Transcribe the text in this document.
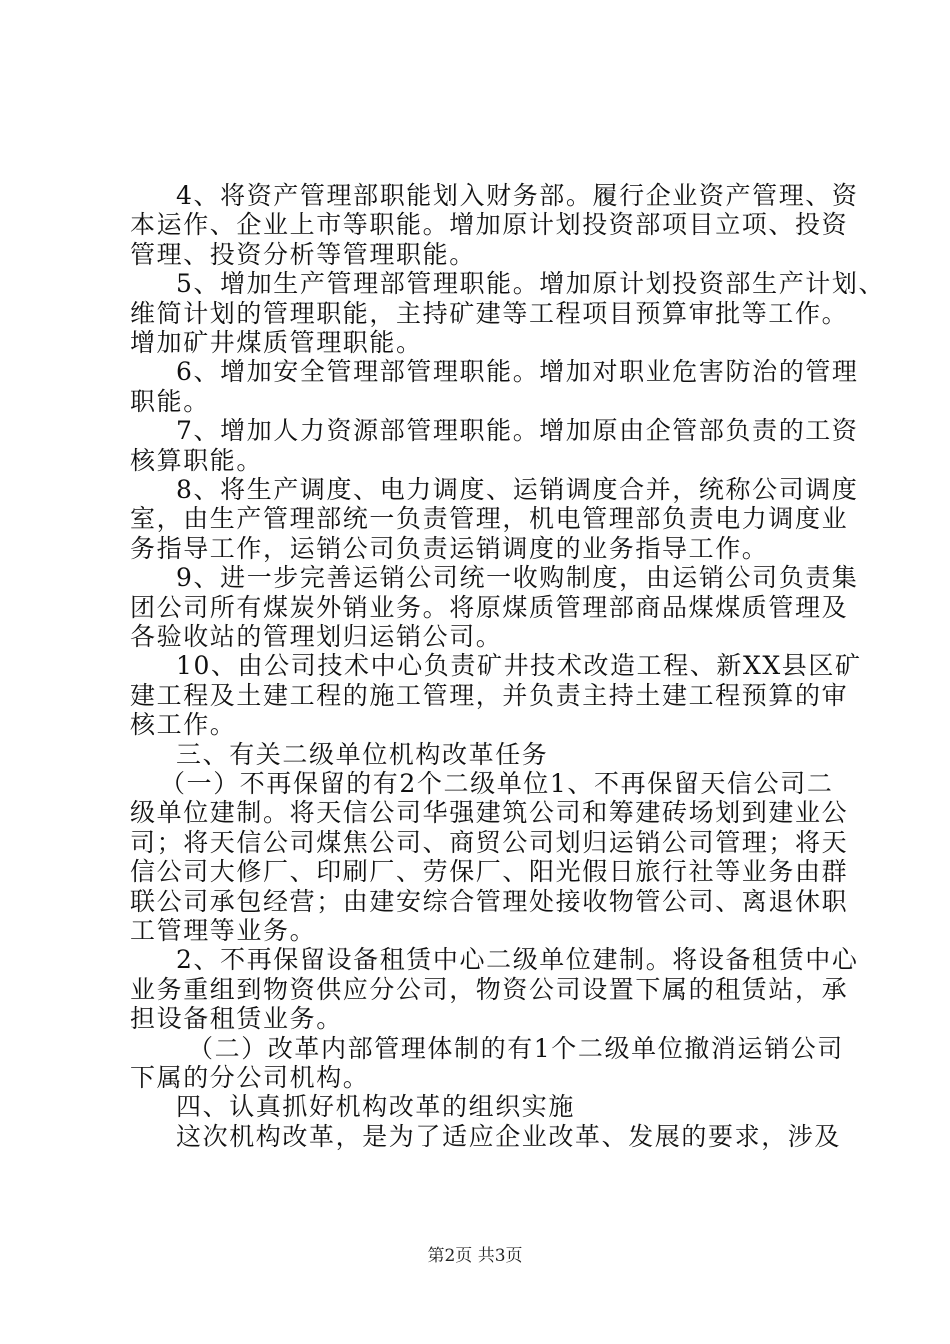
4、将资产管理部职能划入财务部。履行企业资产管理、资
本运作、企业上市等职能。增加原计划投资部项目立项、投资
管理、投资分析等管理职能。
5、增加生产管理部管理职能。增加原计划投资部生产计划、
维简计划的管理职能，主持矿建等工程项目预算审批等工作。
增加矿井煤质管理职能。
6、增加安全管理部管理职能。增加对职业危害防治的管理
职能。
7、增加人力资源部管理职能。增加原由企管部负责的工资
核算职能。
8、将生产调度、电力调度、运销调度合并，统称公司调度
室，由生产管理部统一负责管理，机电管理部负责电力调度业
务指导工作，运销公司负责运销调度的业务指导工作。
9、进一步完善运销公司统一收购制度，由运销公司负责集
团公司所有煤炭外销业务。将原煤质管理部商品煤煤质管理及
各验收站的管理划归运销公司。
10、由公司技术中心负责矿井技术改造工程、新XX县区矿
建工程及土建工程的施工管理，并负责主持土建工程预算的审
核工作。
三、有关二级单位机构改革任务
（一）不再保留的有2个二级单位1、不再保留天信公司二
级单位建制。将天信公司华强建筑公司和筹建砖场划到建业公
司；将天信公司煤焦公司、商贸公司划归运销公司管理；将天
信公司大修厂、印刷厂、劳保厂、阳光假日旅行社等业务由群
联公司承包经营；由建安综合管理处接收物管公司、离退休职
工管理等业务。
2、不再保留设备租赁中心二级单位建制。将设备租赁中心
业务重组到物资供应分公司，物资公司设置下属的租赁站，承
担设备租赁业务。
（二）改革内部管理体制的有1个二级单位撤消运销公司
下属的分公司机构。
四、认真抓好机构改革的组织实施
这次机构改革，是为了适应企业改革、发展的要求，涉及
第2页 共3页
